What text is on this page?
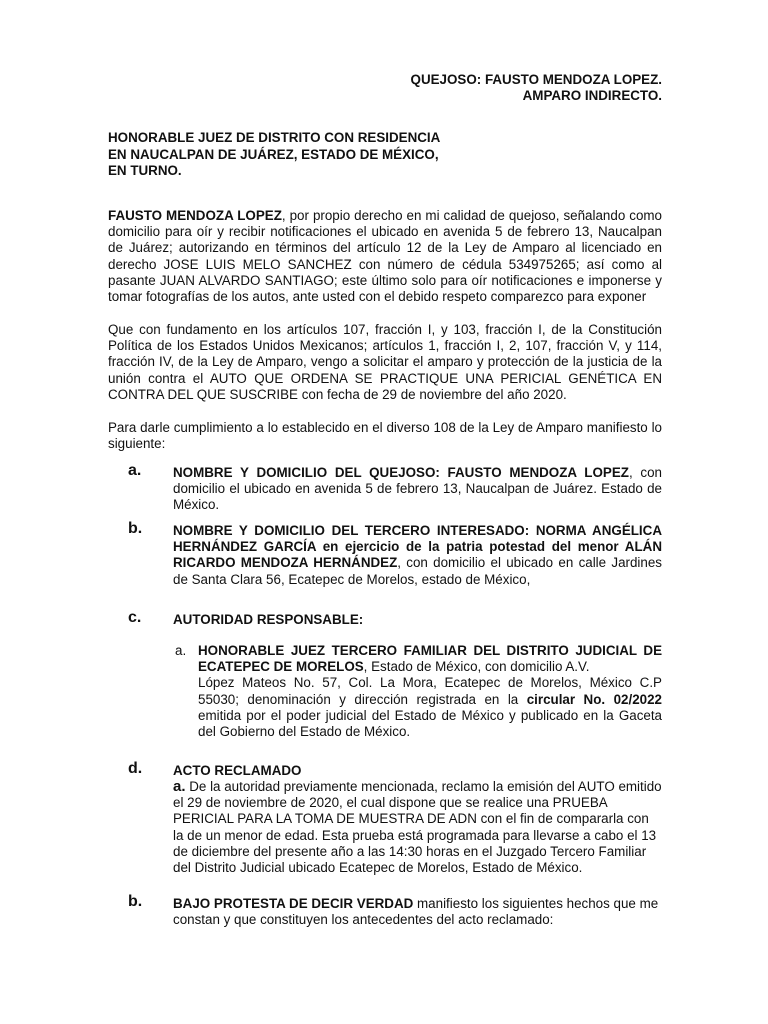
QUEJOSO: FAUSTO MENDOZA LOPEZ.
AMPARO INDIRECTO.
HONORABLE JUEZ DE DISTRITO CON RESIDENCIA
EN NAUCALPAN DE JUÁREZ, ESTADO DE MÉXICO,
EN TURNO.
FAUSTO MENDOZA LOPEZ, por propio derecho en mi calidad de quejoso, señalando como domicilio para oír y recibir notificaciones el ubicado en avenida 5 de febrero 13, Naucalpan de Juárez; autorizando en términos del artículo 12 de la Ley de Amparo al licenciado en derecho JOSE LUIS MELO SANCHEZ con número de cédula 534975265; así como al pasante JUAN ALVARDO SANTIAGO; este último solo para oír notificaciones e imponerse y tomar fotografías de los autos, ante usted con el debido respeto comparezco para exponer
Que con fundamento en los artículos 107, fracción I, y 103, fracción I, de la Constitución Política de los Estados Unidos Mexicanos; artículos 1, fracción I, 2, 107, fracción V, y 114, fracción IV, de la Ley de Amparo, vengo a solicitar el amparo y protección de la justicia de la unión contra el AUTO QUE ORDENA SE PRACTIQUE UNA PERICIAL GENÉTICA EN CONTRA DEL QUE SUSCRIBE con fecha de 29 de noviembre del año 2020.
Para darle cumplimiento a lo establecido en el diverso 108 de la Ley de Amparo manifiesto lo siguiente:
a. NOMBRE Y DOMICILIO DEL QUEJOSO: FAUSTO MENDOZA LOPEZ, con domicilio el ubicado en avenida 5 de febrero 13, Naucalpan de Juárez. Estado de México.
b. NOMBRE Y DOMICILIO DEL TERCERO INTERESADO: NORMA ANGÉLICA HERNÁNDEZ GARCÍA en ejercicio de la patria potestad del menor ALÁN RICARDO MENDOZA HERNÁNDEZ, con domicilio el ubicado en calle Jardines de Santa Clara 56, Ecatepec de Morelos, estado de México,
c. AUTORIDAD RESPONSABLE:
a. HONORABLE JUEZ TERCERO FAMILIAR DEL DISTRITO JUDICIAL DE ECATEPEC DE MORELOS, Estado de México, con domicilio A.V.
López Mateos No. 57, Col. La Mora, Ecatepec de Morelos, México C.P 55030; denominación y dirección registrada en la circular No. 02/2022 emitida por el poder judicial del Estado de México y publicado en la Gaceta del Gobierno del Estado de México.
d. ACTO RECLAMADO
a. De la autoridad previamente mencionada, reclamo la emisión del AUTO emitido el 29 de noviembre de 2020, el cual dispone que se realice una PRUEBA PERICIAL PARA LA TOMA DE MUESTRA DE ADN con el fin de compararla con la de un menor de edad. Esta prueba está programada para llevarse a cabo el 13 de diciembre del presente año a las 14:30 horas en el Juzgado Tercero Familiar del Distrito Judicial ubicado Ecatepec de Morelos, Estado de México.
b. BAJO PROTESTA DE DECIR VERDAD manifiesto los siguientes hechos que me constan y que constituyen los antecedentes del acto reclamado:
